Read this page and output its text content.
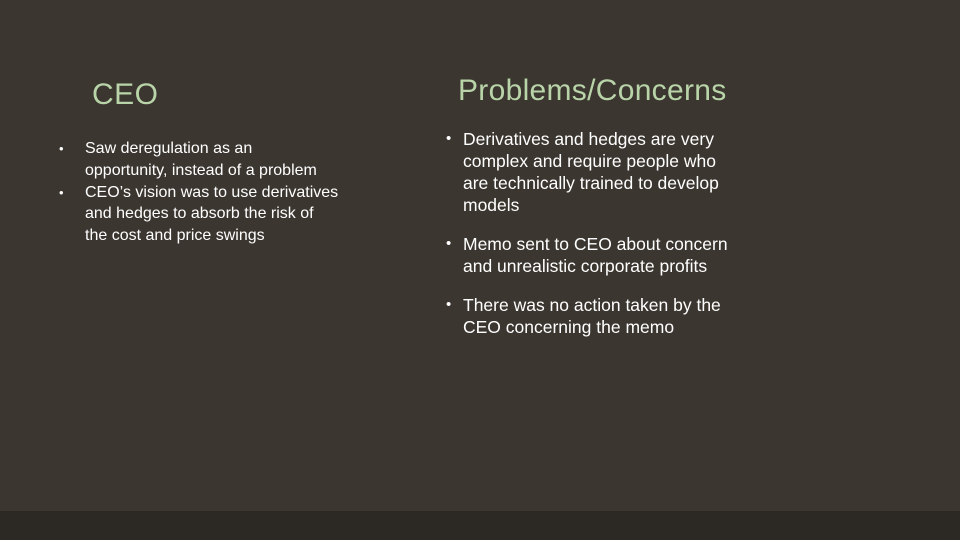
CEO
• Saw deregulation as an opportunity, instead of a problem
• CEO’s vision was to use derivatives and hedges to absorb the risk of the cost and price swings
Problems/Concerns
• Derivatives and hedges are very complex and require people who are technically trained to develop models
• Memo sent to CEO about concern and unrealistic corporate profits
• There was no action taken by the CEO concerning the memo
